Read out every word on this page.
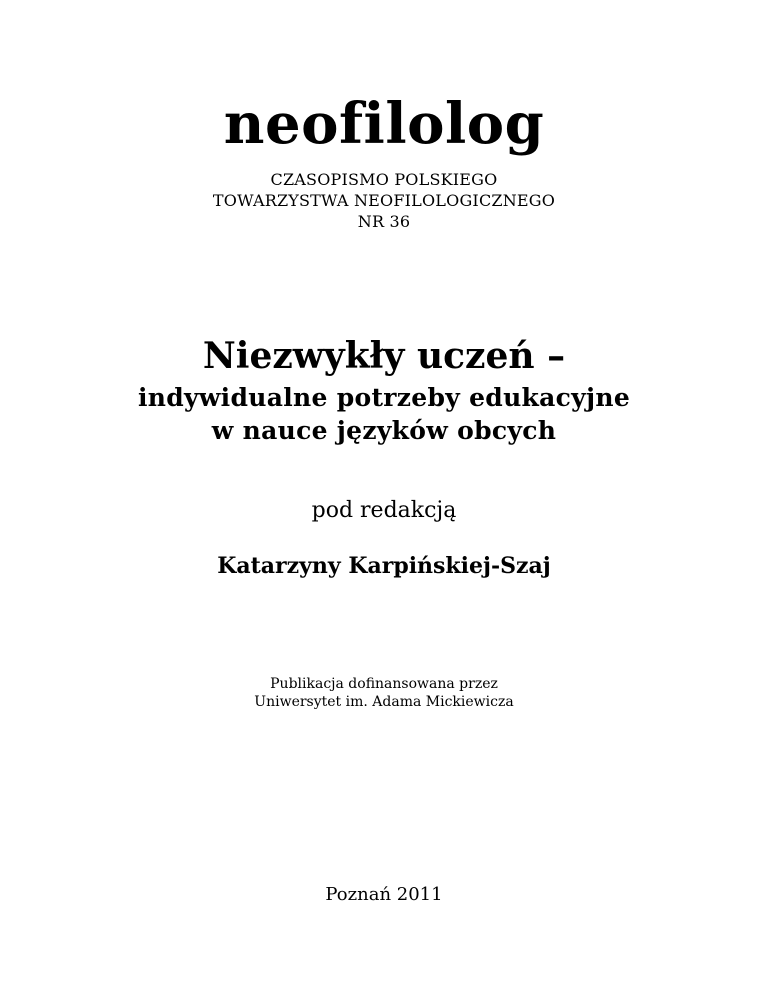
neofilolog
CZASOPISMO POLSKIEGO
TOWARZYSTWA NEOFILOLOGICZNEGO
NR 36
Niezwykły uczeń –
indywidualne potrzeby edukacyjne
w nauce języków obcych
pod redakcją
Katarzyny Karpińskiej-Szaj
Publikacja dofinansowana przez
Uniwersytet im. Adama Mickiewicza
Poznań 2011
